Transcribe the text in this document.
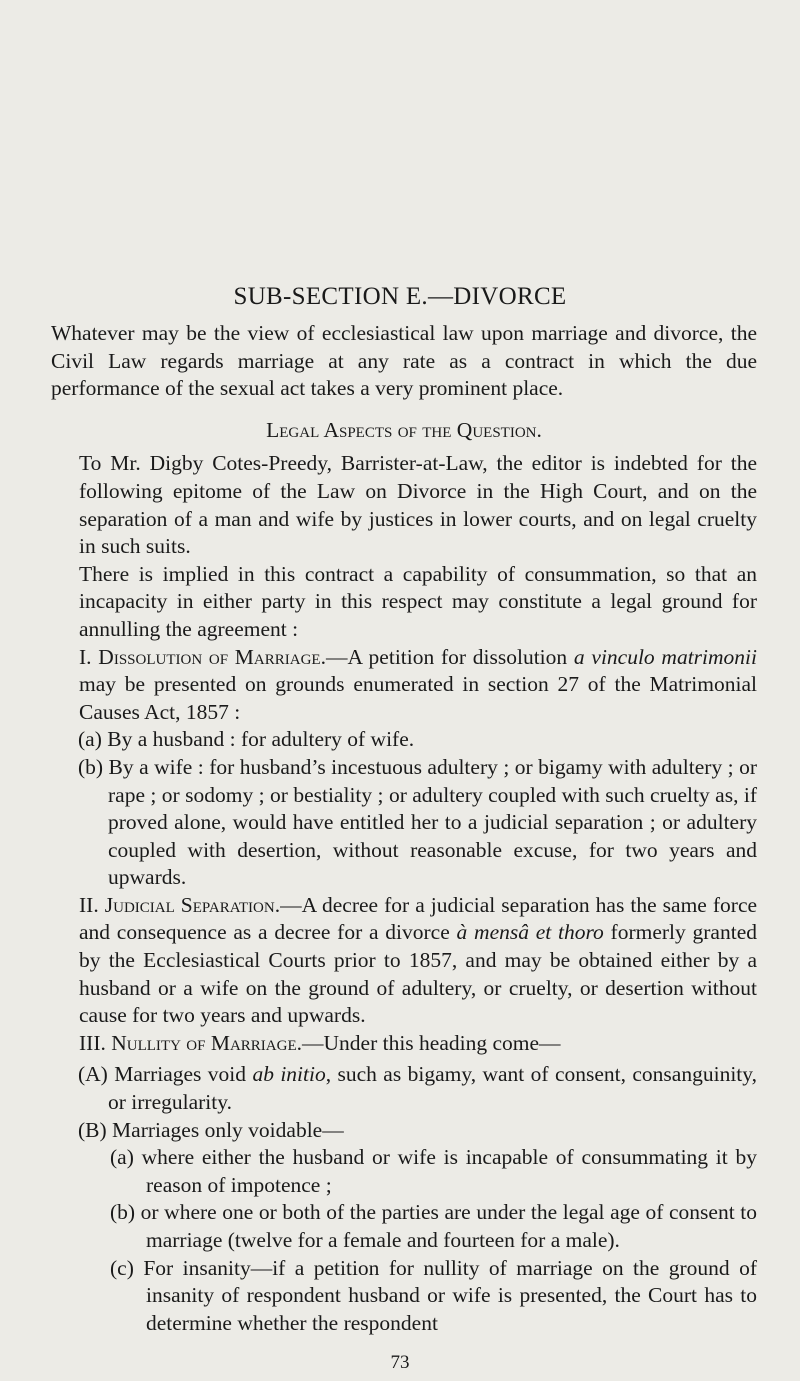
SUB-SECTION E.—DIVORCE

Whatever may be the view of ecclesiastical law upon marriage and divorce, the Civil Law regards marriage at any rate as a contract in which the due performance of the sexual act takes a very prominent place.

Legal Aspects of the Question.

To Mr. Digby Cotes-Preedy, Barrister-at-Law, the editor is indebted for the following epitome of the Law on Divorce in the High Court, and on the separation of a man and wife by justices in lower courts, and on legal cruelty in such suits.

There is implied in this contract a capability of consummation, so that an incapacity in either party in this respect may constitute a legal ground for annulling the agreement :

I. Dissolution of Marriage.—A petition for dissolution a vinculo matrimonii may be presented on grounds enumerated in section 27 of the Matrimonial Causes Act, 1857 :

(a) By a husband : for adultery of wife.

(b) By a wife : for husband’s incestuous adultery ; or bigamy with adultery ; or rape ; or sodomy ; or bestiality ; or adultery coupled with such cruelty as, if proved alone, would have entitled her to a judicial separation ; or adultery coupled with desertion, without reasonable excuse, for two years and upwards.

II. Judicial Separation.—A decree for a judicial separation has the same force and consequence as a decree for a divorce à mensâ et thoro formerly granted by the Ecclesiastical Courts prior to 1857, and may be obtained either by a husband or a wife on the ground of adultery, or cruelty, or desertion without cause for two years and upwards.

III. Nullity of Marriage.—Under this heading come—

(A) Marriages void ab initio, such as bigamy, want of consent, consanguinity, or irregularity.

(B) Marriages only voidable—

(a) where either the husband or wife is incapable of consummating it by reason of impotence ;

(b) or where one or both of the parties are under the legal age of consent to marriage (twelve for a female and fourteen for a male).

(c) For insanity—if a petition for nullity of marriage on the ground of insanity of respondent husband or wife is presented, the Court has to determine whether the respondent

73
